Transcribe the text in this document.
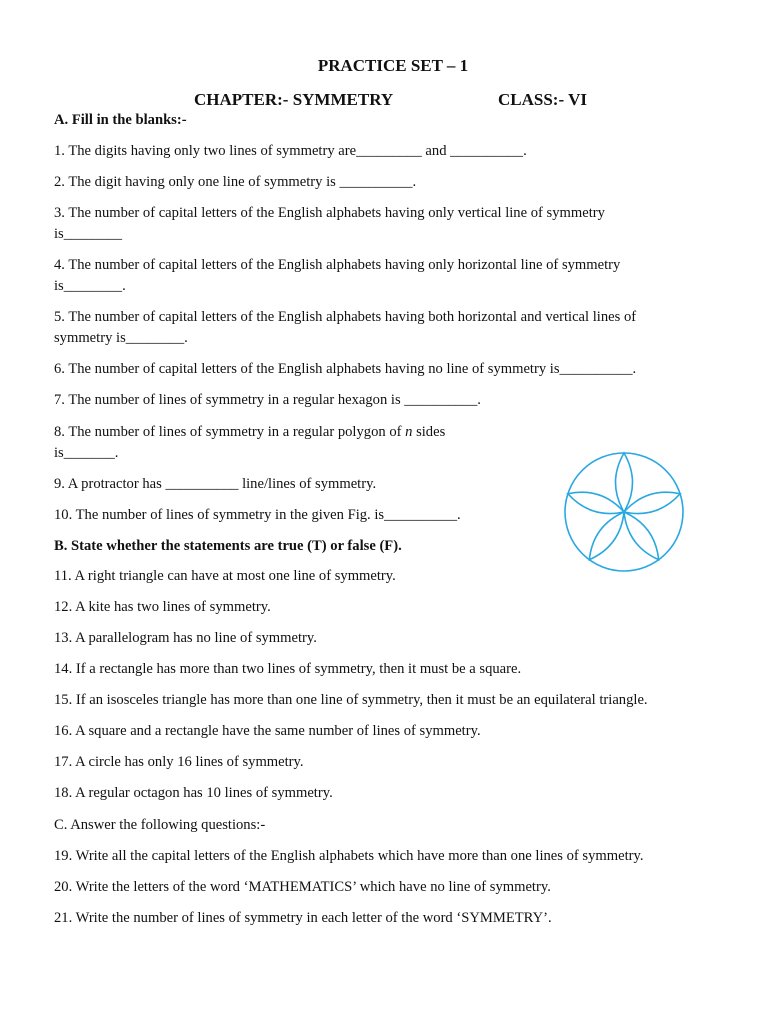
PRACTICE SET – 1
CHAPTER:- SYMMETRY	CLASS:- VI

A. Fill in the blanks:-

1. The digits having only two lines of symmetry are_________ and __________.

2. The digit having only one line of symmetry is __________.

3. The number of capital letters of the English alphabets having only vertical line of symmetry

is________

4. The number of capital letters of the English alphabets having only horizontal line of symmetry

is________.

5. The number of capital letters of the English alphabets having both horizontal and vertical lines of

symmetry is________.

6. The number of capital letters of the English alphabets having no line of symmetry is__________.

7. The number of lines of symmetry in a regular hexagon is __________.

8. The number of lines of symmetry in a regular polygon of n sides

is_______.

9. A protractor has __________ line/lines of symmetry.

10. The number of lines of symmetry in the given Fig. is__________.

B. State whether the statements are true (T) or false (F).

11. A right triangle can have at most one line of symmetry.

12. A kite has two lines of symmetry.

13. A parallelogram has no line of symmetry.

14. If a rectangle has more than two lines of symmetry, then it must be a square.

15. If an isosceles triangle has more than one line of symmetry, then it must be an equilateral triangle.

16. A square and a rectangle have the same number of lines of symmetry.

17. A circle has only 16 lines of symmetry.

18. A regular octagon has 10 lines of symmetry.

C. Answer the following questions:-

19. Write all the capital letters of the English alphabets which have more than one lines of symmetry.

20. Write the letters of the word ‘MATHEMATICS’ which have no line of symmetry.

21. Write the number of lines of symmetry in each letter of the word ‘SYMMETRY’.
